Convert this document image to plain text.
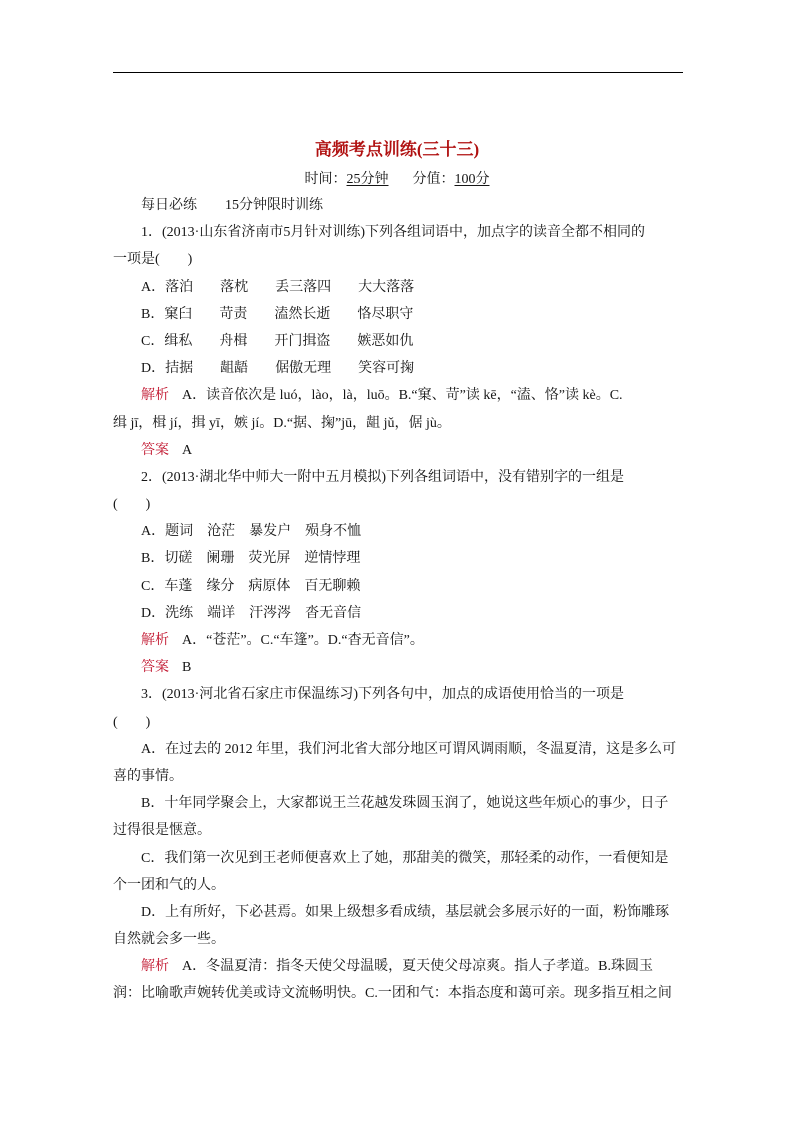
高频考点训练(三十三)
时间：25分钟 分值：100分
每日必练 15分钟限时训练
1．(2013·山东省济南市5月针对训练)下列各组词语中，加点字的读音全都不相同的
一项是(　　)
A．落泊 落枕 丢三落四 大大落落
B．窠臼 苛责 溘然长逝 恪尽职守
C．缉私 舟楫 开门揖盗 嫉恶如仇
D．拮据 龃龉 倨傲无理 笑容可掬
解析 A．读音依次是 luó，lào，là，luō。B.“窠、苛”读 kē，“溘、恪”读 kè。C.
缉 jī，楫 jí，揖 yī，嫉 jí。D.“据、掬”jū，龃 jǔ，倨 jù。
答案 A
2．(2013·湖北华中师大一附中五月模拟)下列各组词语中，没有错别字的一组是
(　　)
A．题词 沧茫 暴发户 殒身不恤
B．切磋 阑珊 荧光屏 逆情悖理
C．车蓬 缘分 病原体 百无聊赖
D．洗练 端详 汗涔涔 沓无音信
解析 A．“苍茫”。C.“车篷”。D.“杳无音信”。
答案 B
3．(2013·河北省石家庄市保温练习)下列各句中，加点的成语使用恰当的一项是
(　　)
A．在过去的 2012 年里，我们河北省大部分地区可谓风调雨顺，冬温夏清，这是多么可
喜的事情。
B．十年同学聚会上，大家都说王兰花越发珠圆玉润了，她说这些年烦心的事少，日子
过得很是惬意。
C．我们第一次见到王老师便喜欢上了她，那甜美的微笑，那轻柔的动作，一看便知是
个一团和气的人。
D．上有所好，下必甚焉。如果上级想多看成绩，基层就会多展示好的一面，粉饰雕琢
自然就会多一些。
解析 A．冬温夏清：指冬天使父母温暖，夏天使父母凉爽。指人子孝道。B.珠圆玉
润：比喻歌声婉转优美或诗文流畅明快。C.一团和气：本指态度和蔼可亲。现多指互相之间
